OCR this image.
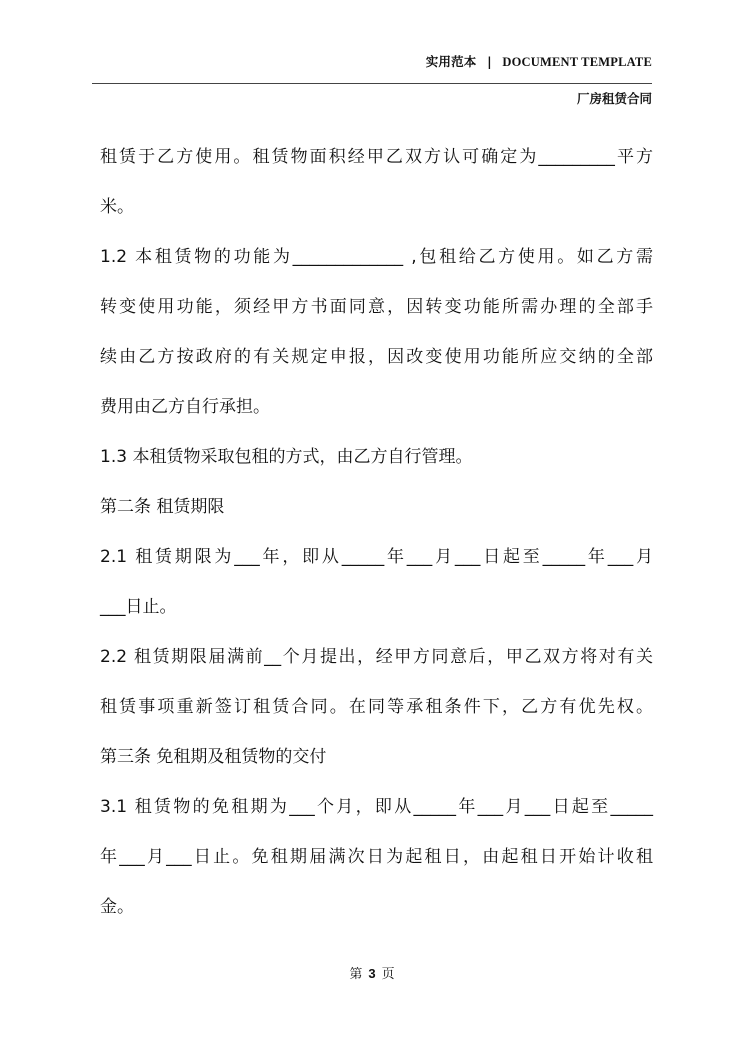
实用范本 | DOCUMENT TEMPLATE
厂房租赁合同
租赁于乙方使用。租赁物面积经甲乙双方认可确定为_________平方
米。
1.2 本租赁物的功能为_____________ ,包租给乙方使用。如乙方需
转变使用功能，须经甲方书面同意，因转变功能所需办理的全部手
续由乙方按政府的有关规定申报，因改变使用功能所应交纳的全部
费用由乙方自行承担。
1.3 本租赁物采取包租的方式，由乙方自行管理。
第二条 租赁期限
2.1 租赁期限为___年，即从_____年___月___日起至_____年___月
___日止。
2.2 租赁期限届满前__个月提出，经甲方同意后，甲乙双方将对有关
租赁事项重新签订租赁合同。在同等承租条件下，乙方有优先权。
第三条 免租期及租赁物的交付
3.1 租赁物的免租期为___个月，即从_____年___月___日起至_____
年___月___日止。免租期届满次日为起租日，由起租日开始计收租
金。
第 3 页
